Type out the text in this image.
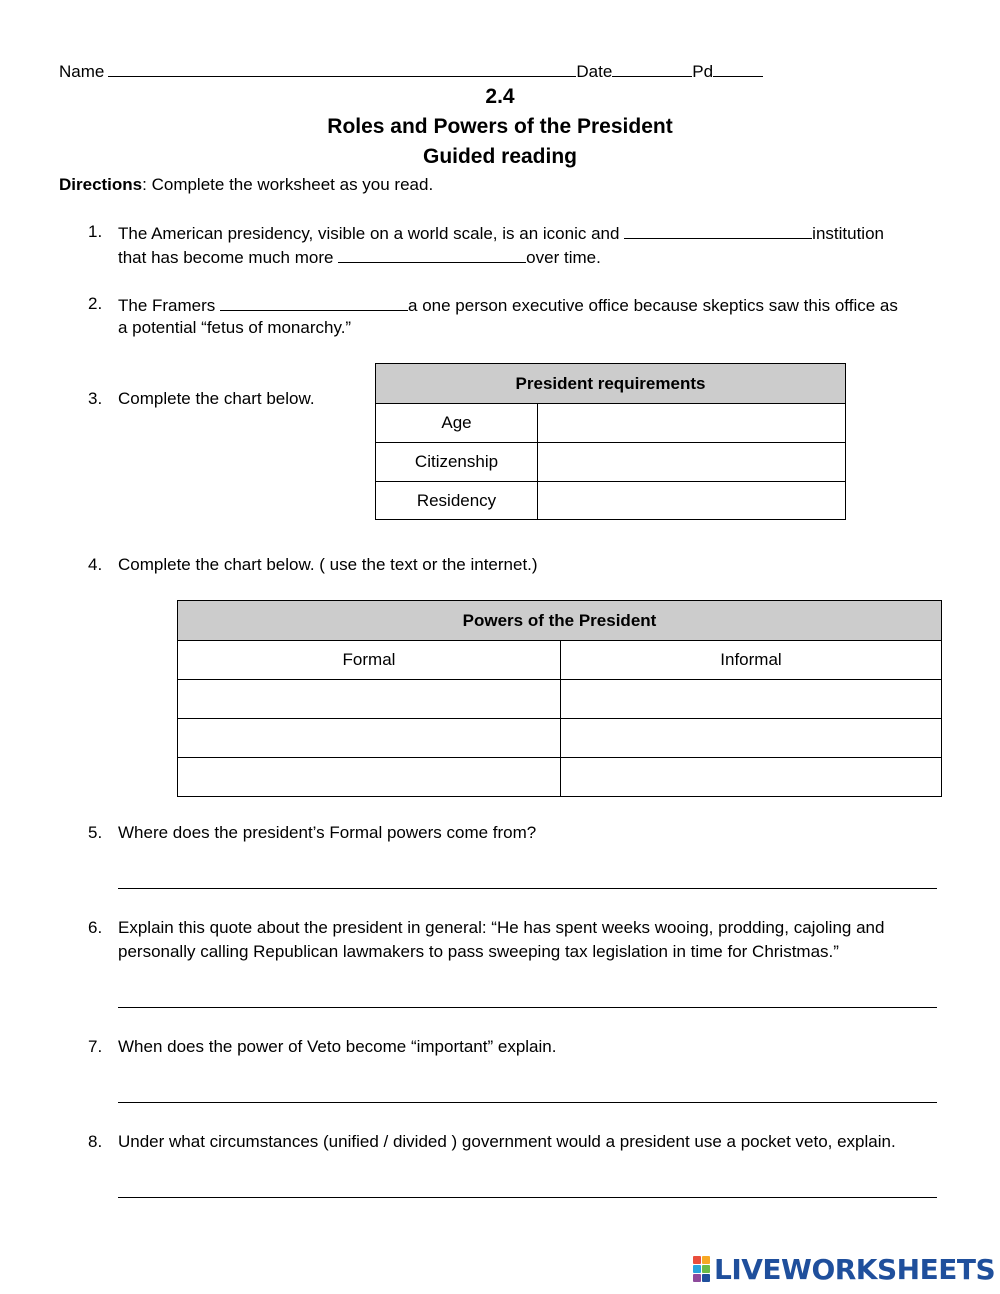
Name	Date	Pd
2.4
Roles and Powers of the President
Guided reading
Directions: Complete the worksheet as you read.
1. The American presidency, visible on a world scale, is an iconic and	institution
that has become much more	over time.
2. The Framers	a one person executive office because skeptics saw this office as
a potential “fetus of monarchy.”
3. Complete the chart below.
President requirements	
Age	
Citizenship	
Residency	
4. Complete the chart below. ( use the text or the internet.)
Powers of the President	
Formal	Informal

5. Where does the president’s Formal powers come from?
6. Explain this quote about the president in general: “He has spent weeks wooing, prodding, cajoling and
personally calling Republican lawmakers to pass sweeping tax legislation in time for Christmas.”
7. When does the power of Veto become “important” explain.
8. Under what circumstances (unified / divided ) government would a president use a pocket veto, explain.
LIVEWORKSHEETS
